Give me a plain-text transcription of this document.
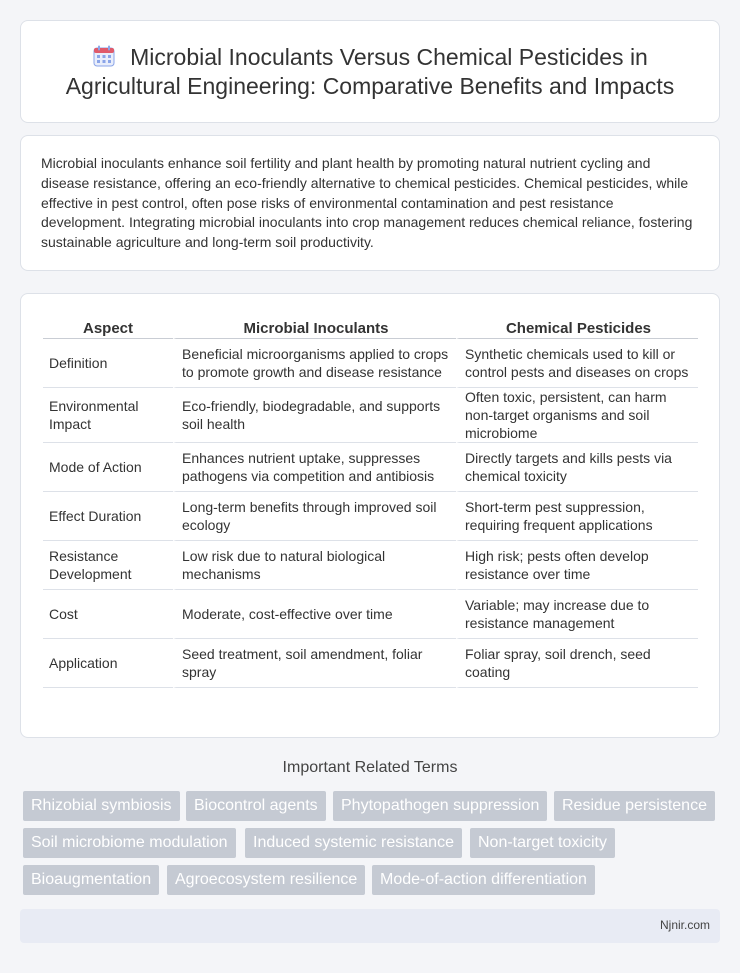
Microbial Inoculants Versus Chemical Pesticides in Agricultural Engineering: Comparative Benefits and Impacts

Microbial inoculants enhance soil fertility and plant health by promoting natural nutrient cycling and disease resistance, offering an eco-friendly alternative to chemical pesticides. Chemical pesticides, while effective in pest control, often pose risks of environmental contamination and pest resistance development. Integrating microbial inoculants into crop management reduces chemical reliance, fostering sustainable agriculture and long-term soil productivity.

Aspect	Microbial Inoculants	Chemical Pesticides
Definition	Beneficial microorganisms applied to crops to promote growth and disease resistance	Synthetic chemicals used to kill or control pests and diseases on crops
Environmental Impact	Eco-friendly, biodegradable, and supports soil health	Often toxic, persistent, can harm non-target organisms and soil microbiome
Mode of Action	Enhances nutrient uptake, suppresses pathogens via competition and antibiosis	Directly targets and kills pests via chemical toxicity
Effect Duration	Long-term benefits through improved soil ecology	Short-term pest suppression, requiring frequent applications
Resistance Development	Low risk due to natural biological mechanisms	High risk; pests often develop resistance over time
Cost	Moderate, cost-effective over time	Variable; may increase due to resistance management
Application	Seed treatment, soil amendment, foliar spray	Foliar spray, soil drench, seed coating
Important Related Terms
Rhizobial symbiosis	Biocontrol agents	Phytopathogen suppression	Residue persistence
Soil microbiome modulation	Induced systemic resistance	Non-target toxicity
Bioaugmentation	Agroecosystem resilience	Mode-of-action differentiation
Njnir.com
